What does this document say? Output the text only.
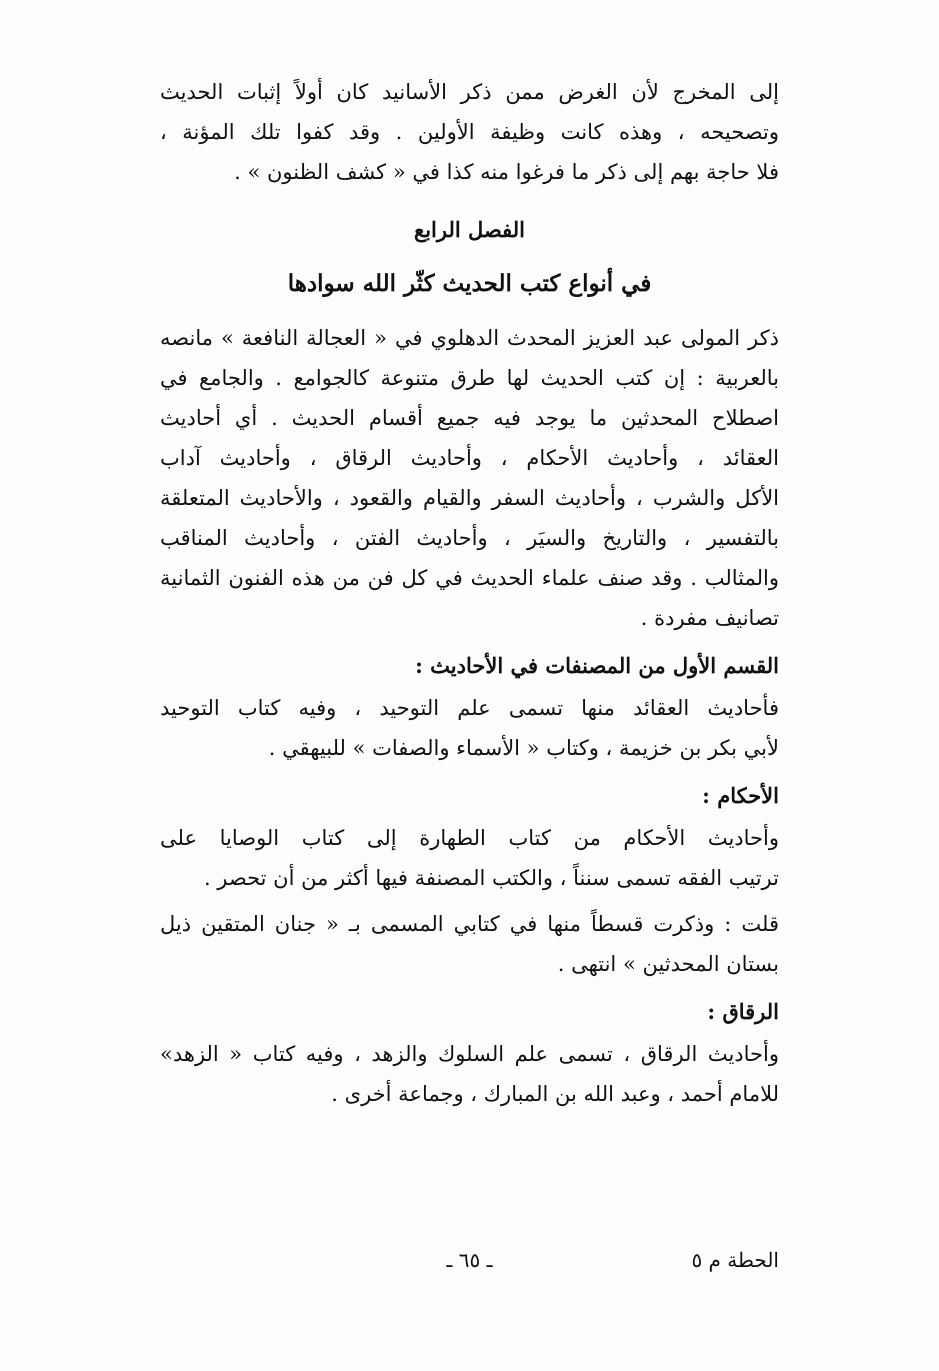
إلى المخرج لأن الغرض ممن ذكر الأسانيد كان أولاً إثبات الحديث
وتصحيحه ، وهذه كانت وظيفة الأولين . وقد كفوا تلك المؤنة ،
فلا حاجة بهم إلى ذكر ما فرغوا منه كذا في « كشف الظنون » .
الفصل الرابع
في أنواع كتب الحديث كثّر الله سوادها
ذكر المولى عبد العزيز المحدث الدهلوي في « العجالة النافعة » مانصه
بالعربية : إن كتب الحديث لها طرق متنوعة كالجوامع . والجامع في
اصطلاح المحدثين ما يوجد فيه جميع أقسام الحديث . أي أحاديث
العقائد ، وأحاديث الأحكام ، وأحاديث الرقاق ، وأحاديث آداب
الأكل والشرب ، وأحاديث السفر والقيام والقعود ، والأحاديث المتعلقة
بالتفسير ، والتاريخ والسيَر ، وأحاديث الفتن ، وأحاديث المناقب
والمثالب . وقد صنف علماء الحديث في كل فن من هذه الفنون الثمانية
تصانيف مفردة .
القسم الأول من المصنفات في الأحاديث :
فأحاديث العقائد منها تسمى علم التوحيد ، وفيه كتاب التوحيد
لأبي بكر بن خزيمة ، وكتاب « الأسماء والصفات » للبيهقي .
الأحكام :
وأحاديث الأحكام من كتاب الطهارة إلى كتاب الوصايا على
ترتيب الفقه تسمى سنناً ، والكتب المصنفة فيها أكثر من أن تحصر .
قلت : وذكرت قسطاً منها في كتابي المسمى بـ « جنان المتقين ذيل
بستان المحدثين » انتهى .
الرقاق :
وأحاديث الرقاق ، تسمى علم السلوك والزهد ، وفيه كتاب « الزهد»
للامام أحمد ، وعبد الله بن المبارك ، وجماعة أخرى .
الحطة م ٥
ـ ٦٥ ـ
